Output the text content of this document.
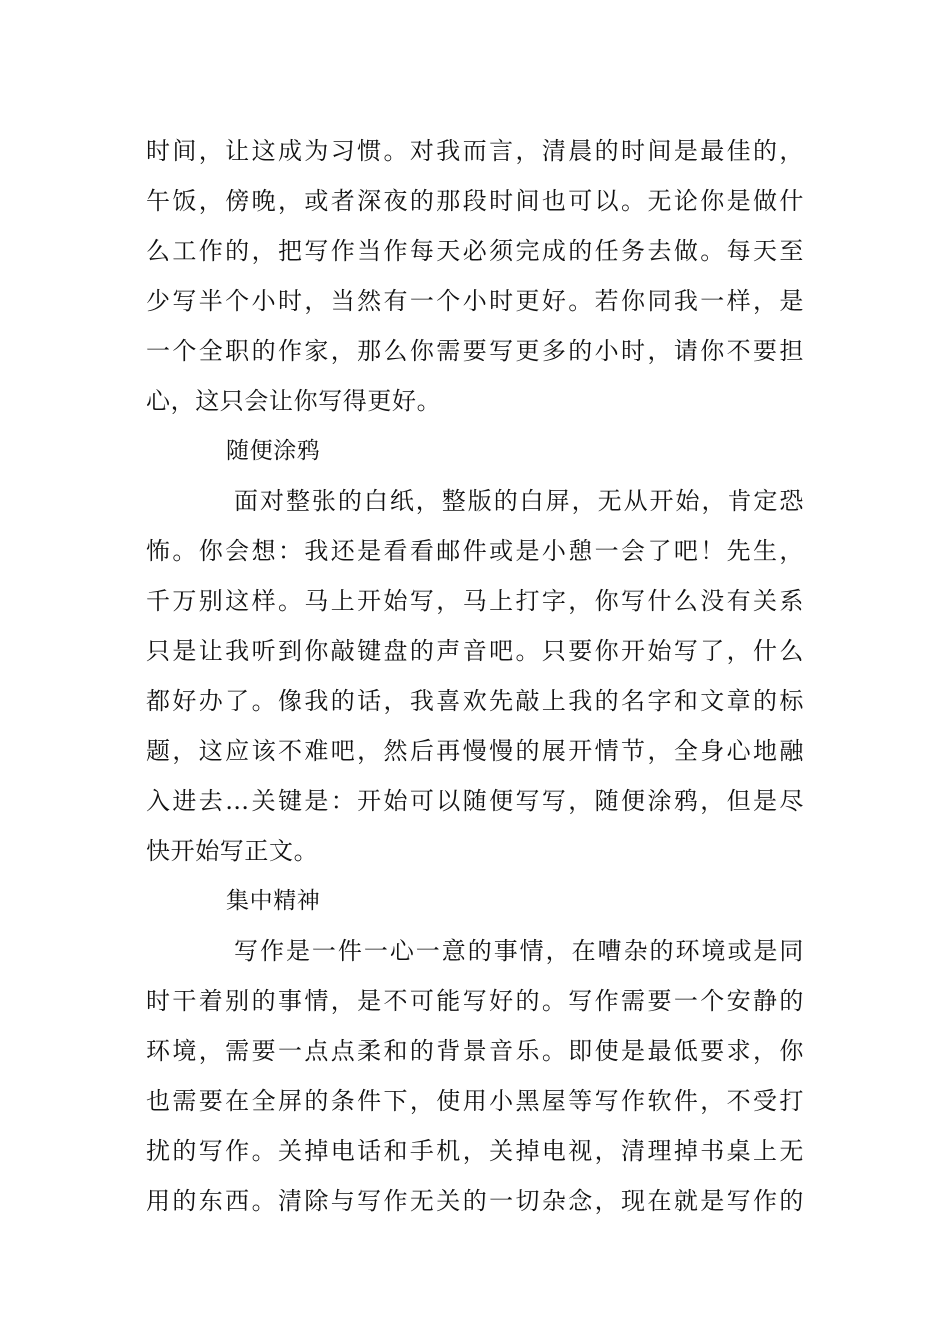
时间，让这成为习惯。对我而言，清晨的时间是最佳的，
午饭，傍晚，或者深夜的那段时间也可以。无论你是做什
么工作的，把写作当作每天必须完成的任务去做。每天至
少写半个小时，当然有一个小时更好。若你同我一样，是
一个全职的作家，那么你需要写更多的小时，请你不要担
心，这只会让你写得更好。
随便涂鸦
面对整张的白纸，整版的白屏，无从开始，肯定恐
怖。你会想：我还是看看邮件或是小憩一会了吧！先生，
千万别这样。马上开始写，马上打字，你写什么没有关系
只是让我听到你敲键盘的声音吧。只要你开始写了，什么
都好办了。像我的话，我喜欢先敲上我的名字和文章的标
题，这应该不难吧，然后再慢慢的展开情节，全身心地融
入进去…关键是：开始可以随便写写，随便涂鸦，但是尽
快开始写正文。
集中精神
写作是一件一心一意的事情，在嘈杂的环境或是同
时干着别的事情，是不可能写好的。写作需要一个安静的
环境，需要一点点柔和的背景音乐。即使是最低要求，你
也需要在全屏的条件下，使用小黑屋等写作软件，不受打
扰的写作。关掉电话和手机，关掉电视，清理掉书桌上无
用的东西。清除与写作无关的一切杂念，现在就是写作的
